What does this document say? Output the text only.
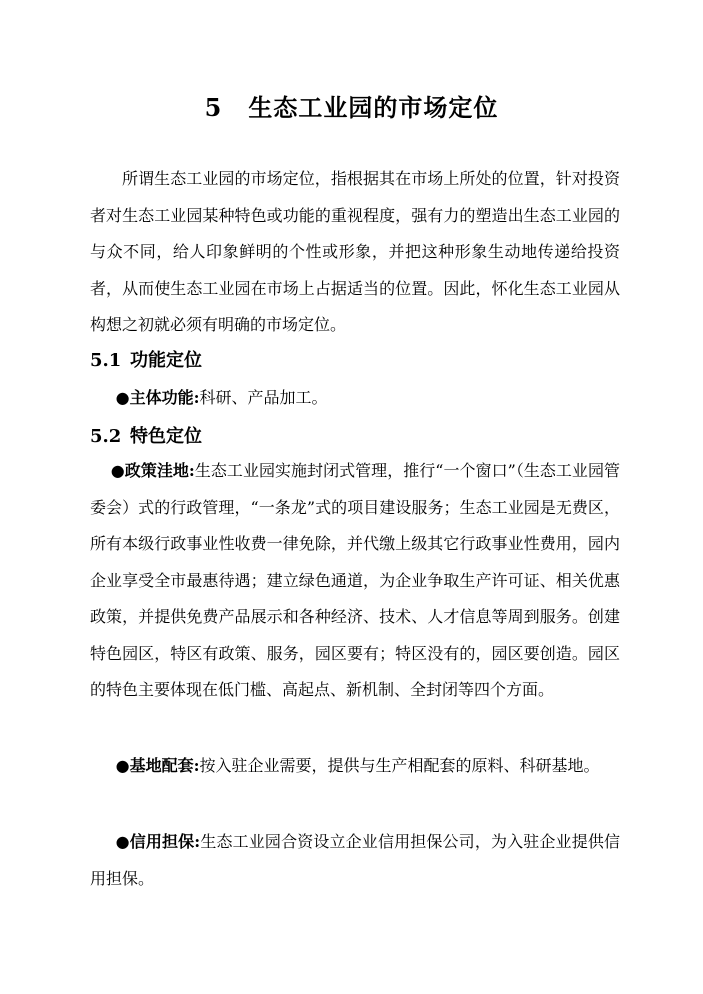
5 生态工业园的市场定位
所谓生态工业园的市场定位，指根据其在市场上所处的位置，针对投资者对生态工业园某种特色或功能的重视程度，强有力的塑造出生态工业园的与众不同，给人印象鲜明的个性或形象，并把这种形象生动地传递给投资者，从而使生态工业园在市场上占据适当的位置。因此，怀化生态工业园从构想之初就必须有明确的市场定位。
5.1 功能定位
●主体功能:科研、产品加工。
5.2 特色定位
●政策洼地:生态工业园实施封闭式管理，推行“一个窗口”（生态工业园管委会）式的行政管理，“一条龙”式的项目建设服务；生态工业园是无费区，所有本级行政事业性收费一律免除，并代缴上级其它行政事业性费用，园内企业享受全市最惠待遇；建立绿色通道，为企业争取生产许可证、相关优惠政策，并提供免费产品展示和各种经济、技术、人才信息等周到服务。创建特色园区，特区有政策、服务，园区要有；特区没有的，园区要创造。园区的特色主要体现在低门槛、高起点、新机制、全封闭等四个方面。
●基地配套:按入驻企业需要，提供与生产相配套的原料、科研基地。
●信用担保:生态工业园合资设立企业信用担保公司，为入驻企业提供信用担保。
